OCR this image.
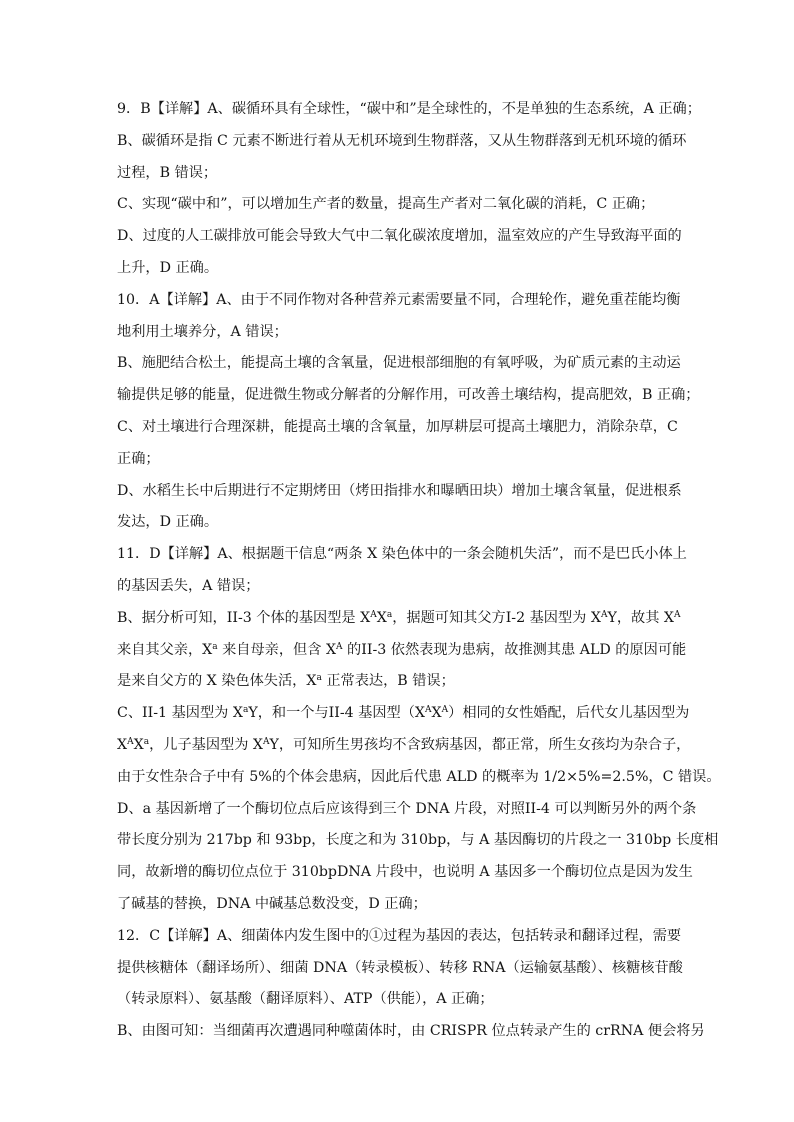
9．B【详解】A、碳循环具有全球性，“碳中和”是全球性的，不是单独的生态系统，A 正确；
B、碳循环是指 C 元素不断进行着从无机环境到生物群落，又从生物群落到无机环境的循环
过程，B 错误；
C、实现“碳中和”，可以增加生产者的数量，提高生产者对二氧化碳的消耗，C 正确；
D、过度的人工碳排放可能会导致大气中二氧化碳浓度增加，温室效应的产生导致海平面的
上升，D 正确。
10．A【详解】A、由于不同作物对各种营养元素需要量不同，合理轮作，避免重茬能均衡
地利用土壤养分，A 错误；
B、施肥结合松土，能提高土壤的含氧量，促进根部细胞的有氧呼吸，为矿质元素的主动运
输提供足够的能量，促进微生物或分解者的分解作用，可改善土壤结构，提高肥效，B 正确；
C、对土壤进行合理深耕，能提高土壤的含氧量，加厚耕层可提高土壤肥力，消除杂草，C
正确；
D、水稻生长中后期进行不定期烤田（烤田指排水和曝晒田块）增加土壤含氧量，促进根系
发达，D 正确。
11．D【详解】A、根据题干信息“两条 X 染色体中的一条会随机失活”，而不是巴氏小体上
的基因丢失，A 错误；
B、据分析可知，II-3 个体的基因型是 $X^AX^a$，据题可知其父方I-2 基因型为 $X^AY$，故其 $X^A$
来自其父亲，$X^a$ 来自母亲，但含 $X^A$ 的II-3 依然表现为患病，故推测其患 ALD 的原因可能
是来自父方的 X 染色体失活，$X^a$ 正常表达，B 错误；
C、II-1 基因型为 $X^aY$，和一个与II-4 基因型$(X^AX^A)$相同的女性婚配，后代女儿基因型为
$X^AX^a$，儿子基因型为 $X^AY$，可知所生男孩均不含致病基因，都正常，所生女孩均为杂合子，
由于女性杂合子中有 5%的个体会患病，因此后代患 ALD 的概率为 1/2×5%=2.5%，C 错误。
D、a 基因新增了一个酶切位点后应该得到三个 DNA 片段，对照II-4 可以判断另外的两个条
带长度分别为 217bp 和 93bp，长度之和为 310bp，与 A 基因酶切的片段之一 310bp 长度相
同，故新增的酶切位点位于 310bpDNA 片段中，也说明 A 基因多一个酶切位点是因为发生
了碱基的替换，DNA 中碱基总数没变，D 正确；
12．C【详解】A、细菌体内发生图中的①过程为基因的表达，包括转录和翻译过程，需要
提供核糖体（翻译场所）、细菌 DNA（转录模板）、转移 RNA（运输氨基酸）、核糖核苷酸
（转录原料）、氨基酸（翻译原料）、ATP（供能），A 正确；
B、由图可知：当细菌再次遭遇同种噬菌体时，由 CRISPR 位点转录产生的 crRNA 便会将另
